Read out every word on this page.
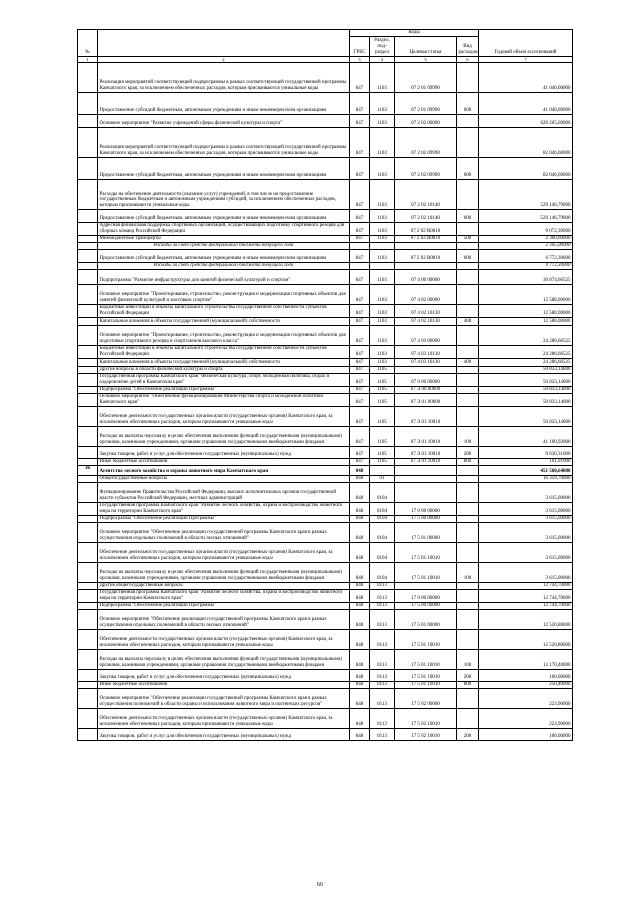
№		Коды				Годовой объем ассигнований
		ГРБС	Раздел, под-раздел	Целевая статья	Вид расходов	
1	2	3	4	5	6	7
	Реализация мероприятий соответствующей подпрограммы в рамках соответствующей государственной программы Камчатского края, за исключением обеспеченных расходов, которым присваиваются уникальные коды	847	1103	07 2 01 09990		41 040,00000
	Предоставление субсидий бюджетным, автономным учреждениям и иным некоммерческим организациям	847	1103	07 2 01 09990	600	41 040,00000
	Основное мероприятие "Развитие учреждений сферы физической культуры и спорта"	847	1103	07 2 02 00000		620 265,69000
	Реализация мероприятий соответствующей подпрограммы в рамках соответствующей государственной программы Камчатского края, за исключением обеспеченных расходов, которым присваиваются уникальные коды	847	1103	07 2 02 09990		82 046,60000
	Предоставление субсидий бюджетным, автономным учреждениям и иным некоммерческим организациям	847	1103	07 2 02 09990	600	82 046,60000
	Расходы на обеспечение деятельности (оказание услуг) учреждений, в том числе на предоставление государственным бюджетным и автономным учреждениям субсидий, за исключением обеспеченных расходов, которым присваиваются уникальные коды	847	1103	07 2 02 10140		529 146,79000
	Предоставление субсидий бюджетным, автономным учреждениям и иным некоммерческим организациям	847	1103	07 2 02 10140	600	529 146,79000
	Адресная финансовая поддержка спортивных организаций, осуществляющих подготовку спортивного резерва для сборных команд Российской Федерации	847	1103	07 2 02 R0810		9 072,30000
	Межбюджетные трансферты	847	1103	07 2 02 R0810	500	2 300,00000
	Расходы за счет средств федерального бюджета текущего года					2 305,00000
	Предоставление субсидий бюджетным, автономным учреждениям и иным некоммерческим организациям	847	1103	07 2 02 R0810	600	6 772,30000
	Расходы за счет средств федерального бюджета текущего года					4 772,30000
	Подпрограмма "Развитие инфраструктуры для занятий физической культурой и спортом"	847	1103	07 4 00 00000		36 874,66525
	Основное мероприятие "Проектирование, строительство, реконструкция и модернизация спортивных объектов для занятий физической культурой и массовым спортом"	847	1103	07 4 02 00000		12 588,00000
	Бюджетные инвестиции в объекты капитального строительства государственной собственности субъектов Российской Федерации	847	1103	07 4 02 10130		12 588,00000
	Капитальные вложения в объекты государственной (муниципальной) собственности	847	1103	07 4 02 10130	400	12 588,00000
	Основное мероприятие "Проектирование, строительство, реконструкция и модернизация спортивных объектов для подготовки спортивного резерва и спортсменов высокого класса"	847	1103	07 4 03 00000		24 286,66525
	Бюджетные инвестиции в объекты капитального строительства государственной собственности субъектов Российской Федерации	847	1103	07 4 03 10130		24 286,66525
	Капитальные вложения в объекты государственной (муниципальной) собственности	847	1103	07 4 03 10130	400	24 286,66525
	Другие вопросы в области физической культуры и спорта	847	1105			50 833,14000
	Государственная программа Камчатского края "Физическая культура, спорт, молодежная политика, отдых и оздоровление детей в Камчатском крае"	847	1105	07 0 00 00000		50 833,14000
	Подпрограмма "Обеспечение реализации Программы"	847	1105	07 Э 00 00000		50 833,14000
	Основное мероприятие "Обеспечение функционирования Министерства спорта и молодежной политики Камчатского края"	847	1105	07 Э 01 00000		50 833,14000
	Обеспечение деятельности государственных органов власти (государственных органов) Камчатского края, за исключением обеспеченных расходов, которым присваиваются уникальные коды	847	1105	07 Э 01 10010		50 833,14000
	Расходы на выплаты персоналу в целях обеспечения выполнения функций государственными (муниципальными) органами, казенными учреждениями, органами управления государственными внебюджетными фондами	847	1105	07 Э 01 10010	100	41 100,92000
	Закупка товаров, работ и услуг для обеспечения государственных (муниципальных) нужд	847	1105	07 Э 01 10010	200	9 630,31000
	Иные бюджетные ассигнования	847	1105	07 Э 01 10010	800	101,91000
36	Агентство лесного хозяйства и охраны животного мира Камчатского края	848				451 568,64800
	Общегосударственные вопросы	848	01			16 359,70000
	Функционирование Правительства Российской Федерации, высших исполнительных органов государственной власти субъектов Российской Федерации, местных администраций	848	0104			3 615,00000
	Государственная программа Камчатского края "Развитие лесного хозяйства, охрана и воспроизводство животного мира на территории Камчатского края"	848	0104	17 0 00 00000		3 615,00000
	Подпрограмма "Обеспечение реализации Программы"	848	0104	17 5 00 00000		3 615,00000
	Основное мероприятие "Обеспечение реализации государственной программы Камчатского края в рамках осуществления отдельных полномочий в области лесных отношений"	848	0104	17 5 01 00000		3 615,00000
	Обеспечение деятельности государственных органов власти (государственных органов) Камчатского края, за исключением обеспеченных расходов, которым присваиваются уникальные коды	848	0104	17 5 01 10010		3 615,00000
	Расходы на выплаты персоналу в целях обеспечения выполнения функций государственными (муниципальными) органами, казенными учреждениями, органами управления государственными внебюджетными фондами	848	0104	17 5 01 10010	100	3 615,00000
	Другие общегосударственные вопросы	848	0113			12 744,70000
	Государственная программа Камчатского края "Развитие лесного хозяйства, охрана и воспроизводство животного мира на территории Камчатского края"	848	0113	17 0 00 00000		12 744,70000
	Подпрограмма "Обеспечение реализации Программы"	848	0113	17 5 00 00000		12 744,70000
	Основное мероприятие "Обеспечение реализации государственной программы Камчатского края в рамках осуществления отдельных полномочий в области лесных отношений"	848	0113	17 5 01 00000		12 520,80000
	Обеспечение деятельности государственных органов власти (государственных органов) Камчатского края, за исключением обеспеченных расходов, которым присваиваются уникальные коды	848	0113	17 5 01 10010		12 520,80000
	Расходы на выплаты персоналу в целях обеспечения выполнения функций государственными (муниципальными) органами, казенными учреждениями, органами управления государственными внебюджетными фондами	848	0113	17 5 01 10010	100	12 170,40000
	Закупка товаров, работ и услуг для обеспечения государственных (муниципальных) нужд	848	0113	17 5 01 10010	200	100,00000
	Иные бюджетные ассигнования	848	0113	17 5 01 10010	800	250,40000
	Основное мероприятие "Обеспечение реализации государственной программы Камчатского края в рамках осуществления полномочий в области охраны и использования животного мира и охотничьих ресурсов"	848	0113	17 5 02 00000		223,90000
	Обеспечение деятельности государственных органов власти (государственных органов) Камчатского края, за исключением обеспеченных расходов, которым присваиваются уникальные коды	848	0113	17 5 02 10010		223,90000
	Закупка товаров, работ и услуг для обеспечения государственных (муниципальных) нужд	848	0113	17 5 02 10010	200	106,00000
66
